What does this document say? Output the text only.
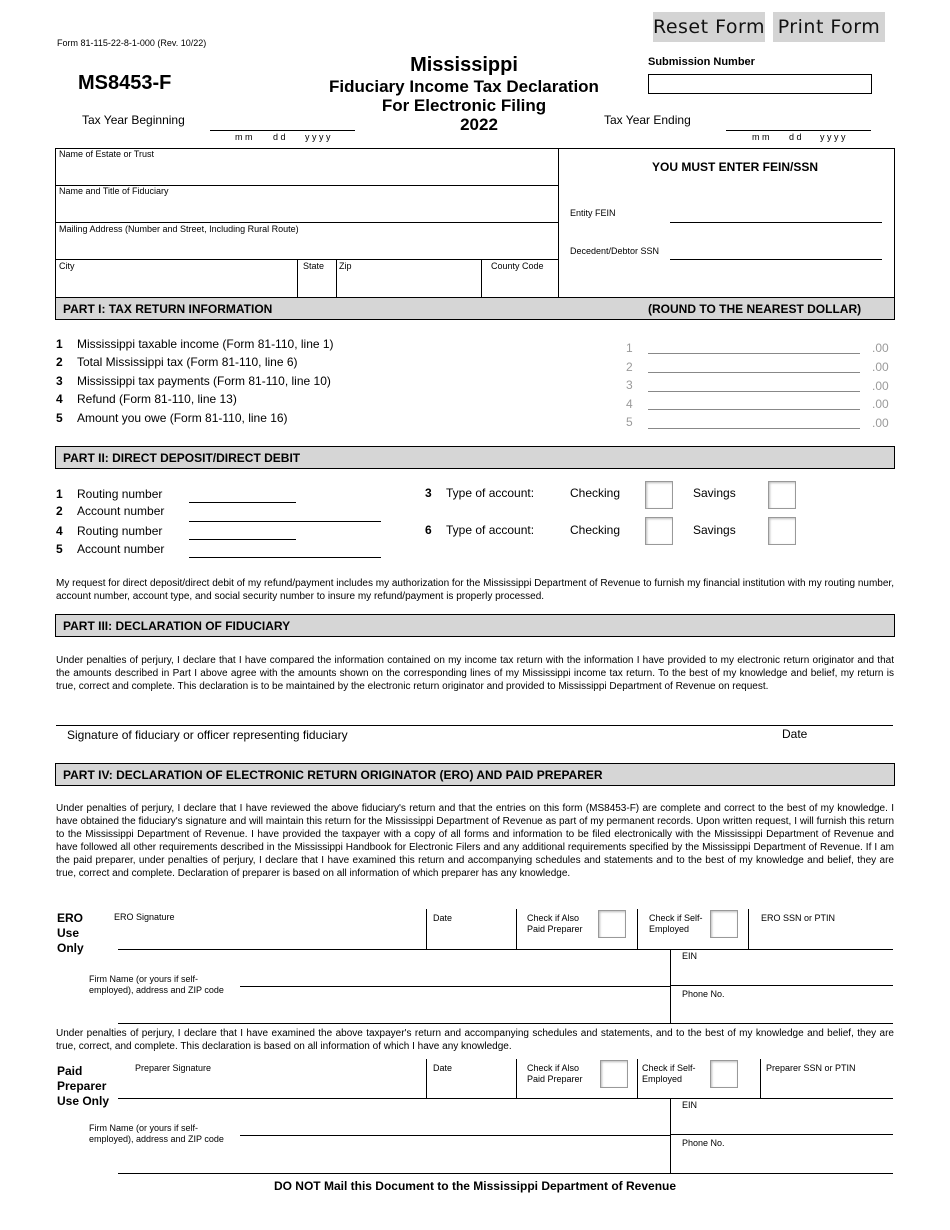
Reset Form Print Form
Form 81-115-22-8-1-000 (Rev. 10/22)
MS8453-F
Mississippi
Fiduciary Income Tax Declaration
For Electronic Filing
2022
Submission Number
Tax Year Beginning
m m d d y y y y
Tax Year Ending
m m d d y y y y
Name of Estate or Trust
Name and Title of Fiduciary
Mailing Address (Number and Street, Including Rural Route)
City	State Zip	County Code
YOU MUST ENTER FEIN/SSN
Entity FEIN
Decedent/Debtor SSN
PART I: TAX RETURN INFORMATION	(ROUND TO THE NEAREST DOLLAR)
1 Mississippi taxable income (Form 81-110, line 1)	1	.00
2 Total Mississippi tax (Form 81-110, line 6)	2	.00
3 Mississippi tax payments (Form 81-110, line 10)	3	.00
4 Refund (Form 81-110, line 13)	4	.00
5 Amount you owe (Form 81-110, line 16)	5	.00
PART II: DIRECT DEPOSIT/DIRECT DEBIT
1 Routing number
2 Account number
4 Routing number
5 Account number
3 Type of account:	Checking	Savings
6 Type of account:	Checking	Savings
My request for direct deposit/direct debit of my refund/payment includes my authorization for the Mississippi Department of Revenue to furnish my financial institution with my routing number, account number, account type, and social security number to insure my refund/payment is properly processed.
PART III: DECLARATION OF FIDUCIARY
Under penalties of perjury, I declare that I have compared the information contained on my income tax return with the information I have provided to my electronic return originator and that the amounts described in Part I above agree with the amounts shown on the corresponding lines of my Mississippi income tax return. To the best of my knowledge and belief, my return is true, correct and complete. This declaration is to be maintained by the electronic return originator and provided to Mississippi Department of Revenue on request.
Signature of fiduciary or officer representing fiduciary	Date
PART IV: DECLARATION OF ELECTRONIC RETURN ORIGINATOR (ERO) AND PAID PREPARER
Under penalties of perjury, I declare that I have reviewed the above fiduciary's return and that the entries on this form (MS8453-F) are complete and correct to the best of my knowledge. I have obtained the fiduciary's signature and will maintain this return for the Mississippi Department of Revenue as part of my permanent records. Upon written request, I will furnish this return to the Mississippi Department of Revenue. I have provided the taxpayer with a copy of all forms and information to be filed electronically with the Mississippi Department of Revenue and have followed all other requirements described in the Mississippi Handbook for Electronic Filers and any additional requirements specified by the Mississippi Department of Revenue. If I am the paid preparer, under penalties of perjury, I declare that I have examined this return and accompanying schedules and statements and to the best of my knowledge and belief, they are true, correct and complete. Declaration of preparer is based on all information of which preparer has any knowledge.
ERO
Use
Only
ERO Signature	Date	Check if Also
Paid Preparer
Check if Self-
Employed
ERO SSN or PTIN
EIN
Phone No.
Firm Name (or yours if self-
employed), address and ZIP code
Under penalties of perjury, I declare that I have examined the above taxpayer's return and accompanying schedules and statements, and to the best of my knowledge and belief, they are true, correct, and complete. This declaration is based on all information of which I have any knowledge.
Paid
Preparer
Use Only
Preparer Signature	Date	Check if Also
Paid Preparer
Check if Self-
Employed
Preparer SSN or PTIN
EIN
Phone No.
Firm Name (or yours if self-
employed), address and ZIP code
DO NOT Mail this Document to the Mississippi Department of Revenue
